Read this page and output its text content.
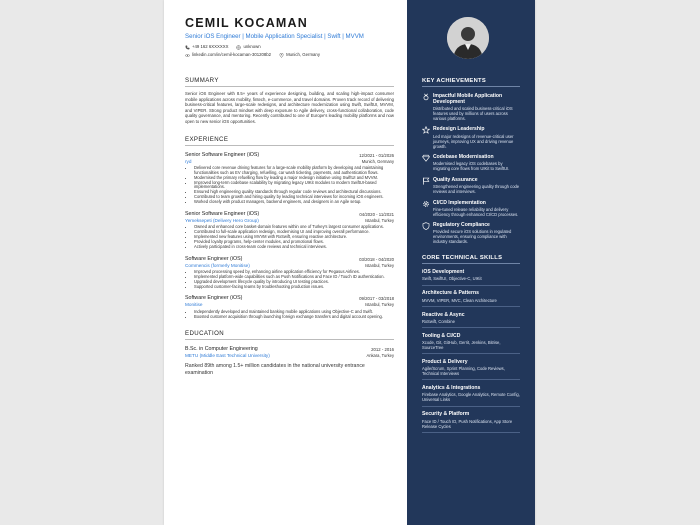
CEMIL KOCAMAN
Senior iOS Engineer | Mobile Application Specialist | Swift | MVVM
+49 162 6XXXXXX	unknown
linkedin.com/in/cemil-kocaman-301208b2	Munich, Germany
SUMMARY
Senior iOS Engineer with 8.5+ years of experience designing, building, and scaling high-impact consumer mobile applications across mobility, fintech, e-commerce, and travel domains. Proven track record of delivering business-critical features, large-scale redesigns, and architecture modernization using Swift, SwiftUI, MVVM, and VIPER. Strong product mindset with deep exposure to Agile delivery, cross-functional collaboration, code quality governance, and mentoring. Recently contributed to one of Europe's leading mobility platforms and now open to new senior iOS opportunities.
EXPERIENCE
Senior Software Engineer (iOS)	12/2021 - 01/2026
ryd	Munich, Germany
• Delivered core revenue driving features for a large-scale mobility platform by developing and maintaining functionalities such as EV charging, refuelling, car wash ticketing, payments, and authentication flows.
• Modernised the primary refuelling flow by leading a major redesign initiative using SwiftUI and MVVM.
• Improved long-term codebase scalability by migrating legacy UIKit modules to modern SwiftUI-based implementations.
• Ensured high engineering quality standards through regular code reviews and architectural discussions.
• Contributed to team growth and hiring quality by leading technical interviews for incoming iOS engineers.
• Worked closely with product managers, backend engineers, and designers in an Agile setup.
Senior Software Engineer (iOS)	04/2020 - 11/2021
Yemeksepeti (Delivery Hero Group)	Istanbul, Turkey
• Owned and enhanced core basket-domain features within one of Turkey's largest consumer applications.
• Contributed to full-scale application redesign, modernising UI and improving overall performance.
• Implemented new features using MVVM with RxSwift, ensuring reactive architecture.
• Provided loyalty programs, help-center modules, and promotional flows.
• Actively participated in cross-team code reviews and technical interviews.
Software Engineer (iOS)	03/2018 - 04/2020
Commencis (formerly Monitise)	Istanbul, Turkey
• Improved processing speed by, enhancing airline application efficiency for Pegasus Airlines.
• Implemented platform-wide capabilities such as Push Notifications and Face ID / Touch ID authentication.
• Upgraded development lifecycle quality by introducing UI testing practices.
• Supported customer-facing teams by troubleshooting production issues.
Software Engineer (iOS)	09/2017 - 03/2018
Monitise	Istanbul, Turkey
• Independently developed and maintained banking mobile applications using Objective-C and Swift.
• Boosted customer acquisition through launching foreign exchange transfers and digital account opening.
EDUCATION
B.Sc. in Computer Engineering	2012 - 2016
METU (Middle East Technical University)	Ankara, Turkey
Ranked 89th among 1.5+ million candidates in the national university entrance examination
KEY ACHIEVEMENTS
Impactful Mobile Application Development
Distributed and scaled business-critical iOS features used by millions of users across various platforms.
Redesign Leadership
Led major redesigns of revenue-critical user journeys, improving UX and driving revenue growth.
Codebase Modernisation
Modernised legacy iOS codebases by migrating core flows from UIKit to SwiftUI.
Quality Assurance
Strengthened engineering quality through code reviews and interviews.
CI/CD Implementation
Fine-tuned release reliability and delivery efficiency through enhanced CI/CD processes.
Regulatory Compliance
Provided secure iOS solutions in regulated environments, ensuring compliance with industry standards.
CORE TECHNICAL SKILLS
iOS Development
Swift, SwiftUI, Objective-C, UIKit
Architecture & Patterns
MVVM, VIPER, MVC, Clean Architecture
Reactive & Async
RxSwift, Combine
Tooling & CI/CD
Xcode, Git, GitHub, Gerrit, Jenkins, Bitrise, SourceTree
Product & Delivery
Agile/Scrum, Sprint Planning, Code Reviews, Technical Interviews
Analytics & Integrations
Firebase Analytics, Google Analytics, Remote Config, Universal Links
Security & Platform
Face ID / Touch ID, Push Notifications, App Store Release Cycles
